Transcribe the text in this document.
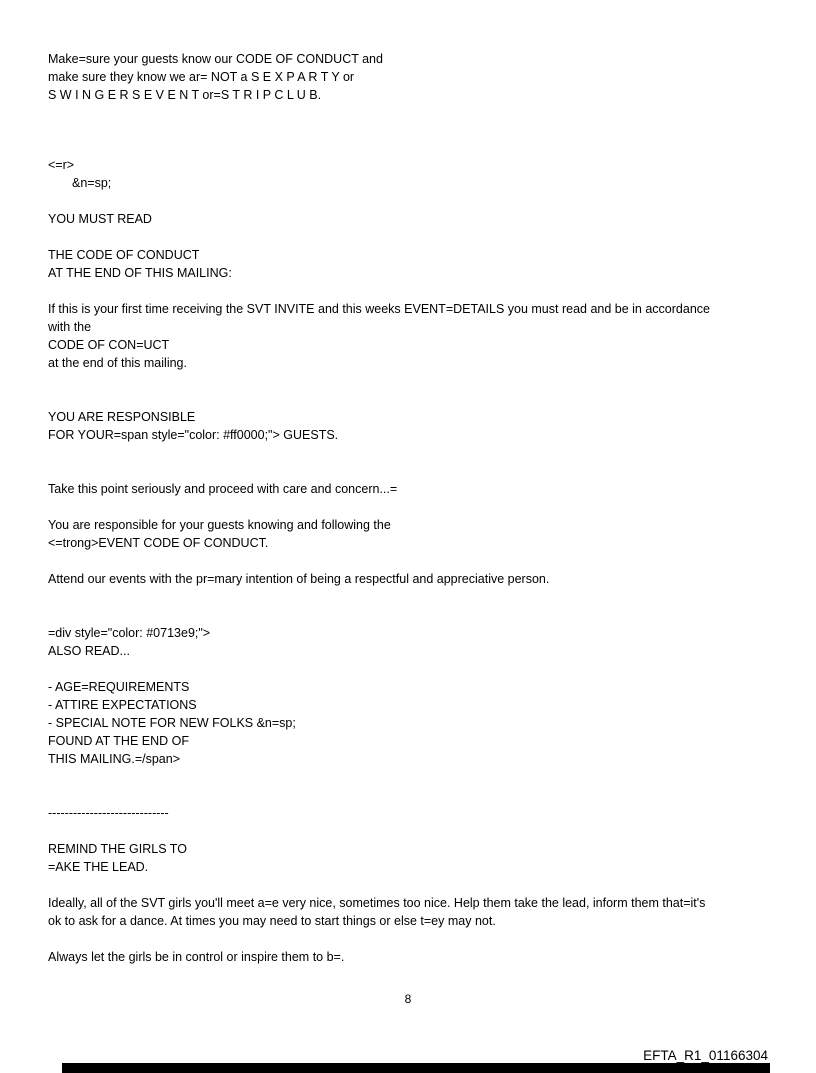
Make=sure your guests know our CODE OF CONDUCT and
make sure they know we ar= NOT a S E X P A R T Y or
S W I N G E R S E V E N T or=S T R I P C L U B.
<=r>
&n=sp;
YOU MUST READ
THE CODE OF CONDUCT
AT THE END OF THIS MAILING:
If this is your first time receiving the SVT INVITE and this weeks EVENT=DETAILS you must read and be in accordance
with the
CODE OF CON=UCT
at the end of this mailing.
YOU ARE RESPONSIBLE
FOR YOUR=span style="color: #ff0000;"> GUESTS.
Take this point seriously and proceed with care and concern...=
You are responsible for your guests knowing and following the
<=trong>EVENT CODE OF CONDUCT.
Attend our events with the pr=mary intention of being a respectful and appreciative person.
=div style="color: #0713e9;">
ALSO READ...
- AGE=REQUIREMENTS
- ATTIRE EXPECTATIONS
- SPECIAL NOTE FOR NEW FOLKS &n=sp;
FOUND AT THE END OF
THIS MAILING.=/span>
-----------------------------
REMIND THE GIRLS TO
=AKE THE LEAD.
Ideally, all of the SVT girls you'll meet a=e very nice, sometimes too nice. Help them take the lead, inform them that=it's
ok to ask for a dance. At times you may need to start things or else t=ey may not.
Always let the girls be in control or inspire them to b=.
8
EFTA_R1_01166304
